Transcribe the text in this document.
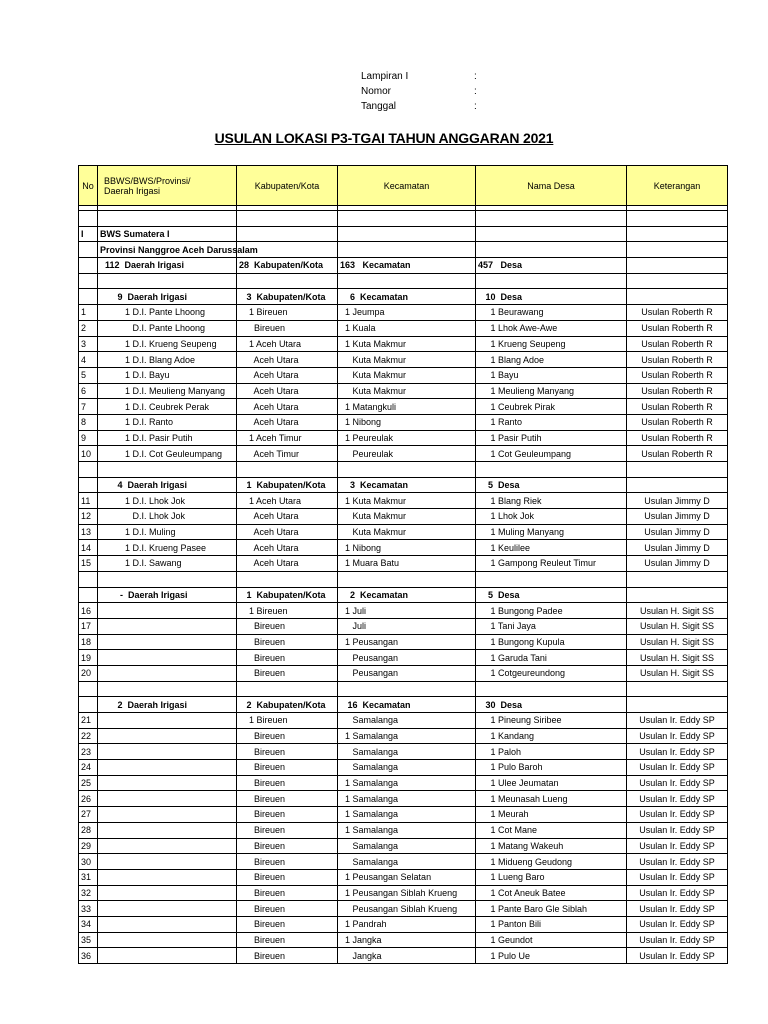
Lampiran I	:
Nomor	:
Tanggal	:
USULAN LOKASI P3-TGAI TAHUN ANGGARAN 2021
No	BBWS/BWS/Provinsi/
Daerah Irigasi	Kabupaten/Kota	Kecamatan	Nama Desa	Keterangan

I	BWS Sumatera I				
	Provinsi Nanggroe Aceh Darussalam				
	112  Daerah Irigasi	28  Kabupaten/Kota	163   Kecamatan	457   Desa	

	9  Daerah Irigasi	3  Kabupaten/Kota	6  Kecamatan	10  Desa	
1	1 D.I. Pante Lhoong	1 Bireuen	1 Jeumpa	1 Beurawang	Usulan Roberth R
2	D.I. Pante Lhoong	Bireuen	1 Kuala	1 Lhok Awe-Awe	Usulan Roberth R
3	1 D.I. Krueng Seupeng	1 Aceh Utara	1 Kuta Makmur	1 Krueng Seupeng	Usulan Roberth R
4	1 D.I. Blang Adoe	Aceh Utara	Kuta Makmur	1 Blang Adoe	Usulan Roberth R
5	1 D.I. Bayu	Aceh Utara	Kuta Makmur	1 Bayu	Usulan Roberth R
6	1 D.I. Meulieng Manyang	Aceh Utara	Kuta Makmur	1 Meulieng Manyang	Usulan Roberth R
7	1 D.I. Ceubrek Perak	Aceh Utara	1 Matangkuli	1 Ceubrek Pirak	Usulan Roberth R
8	1 D.I. Ranto	Aceh Utara	1 Nibong	1 Ranto	Usulan Roberth R
9	1 D.I. Pasir Putih	1 Aceh Timur	1 Peureulak	1 Pasir Putih	Usulan Roberth R
10	1 D.I. Cot Geuleumpang	Aceh Timur	Peureulak	1 Cot Geuleumpang	Usulan Roberth R

	4  Daerah Irigasi	1  Kabupaten/Kota	3  Kecamatan	5  Desa	
11	1 D.I. Lhok Jok	1 Aceh Utara	1 Kuta Makmur	1 Blang Riek	Usulan Jimmy D
12	D.I. Lhok Jok	Aceh Utara	Kuta Makmur	1 Lhok Jok	Usulan Jimmy D
13	1 D.I. Muling	Aceh Utara	Kuta Makmur	1 Muling Manyang	Usulan Jimmy D
14	1 D.I. Krueng Pasee	Aceh Utara	1 Nibong	1 Keulilee	Usulan Jimmy D
15	1 D.I. Sawang	Aceh Utara	1 Muara Batu	1 Gampong Reuleut Timur	Usulan Jimmy D

	-  Daerah Irigasi	1  Kabupaten/Kota	2  Kecamatan	5  Desa	
16		1 Bireuen	1 Juli	1 Bungong Padee	Usulan H. Sigit SS
17		Bireuen	Juli	1 Tani Jaya	Usulan H. Sigit SS
18		Bireuen	1 Peusangan	1 Bungong Kupula	Usulan H. Sigit SS
19		Bireuen	Peusangan	1 Garuda Tani	Usulan H. Sigit SS
20		Bireuen	Peusangan	1 Cotgeureundong	Usulan H. Sigit SS

	2  Daerah Irigasi	2  Kabupaten/Kota	16  Kecamatan	30  Desa	
21		1 Bireuen	Samalanga	1 Pineung Siribee	Usulan Ir. Eddy SP
22		Bireuen	1 Samalanga	1 Kandang	Usulan Ir. Eddy SP
23		Bireuen	Samalanga	1 Paloh	Usulan Ir. Eddy SP
24		Bireuen	Samalanga	1 Pulo Baroh	Usulan Ir. Eddy SP
25		Bireuen	1 Samalanga	1 Ulee Jeumatan	Usulan Ir. Eddy SP
26		Bireuen	1 Samalanga	1 Meunasah Lueng	Usulan Ir. Eddy SP
27		Bireuen	1 Samalanga	1 Meurah	Usulan Ir. Eddy SP
28		Bireuen	1 Samalanga	1 Cot Mane	Usulan Ir. Eddy SP
29		Bireuen	Samalanga	1 Matang Wakeuh	Usulan Ir. Eddy SP
30		Bireuen	Samalanga	1 Midueng Geudong	Usulan Ir. Eddy SP
31		Bireuen	1 Peusangan Selatan	1 Lueng Baro	Usulan Ir. Eddy SP
32		Bireuen	1 Peusangan Siblah Krueng	1 Cot Aneuk Batee	Usulan Ir. Eddy SP
33		Bireuen	Peusangan Siblah Krueng	1 Pante Baro Gle Siblah	Usulan Ir. Eddy SP
34		Bireuen	1 Pandrah	1 Panton Bili	Usulan Ir. Eddy SP
35		Bireuen	1 Jangka	1 Geundot	Usulan Ir. Eddy SP
36		Bireuen	Jangka	1 Pulo Ue	Usulan Ir. Eddy SP
